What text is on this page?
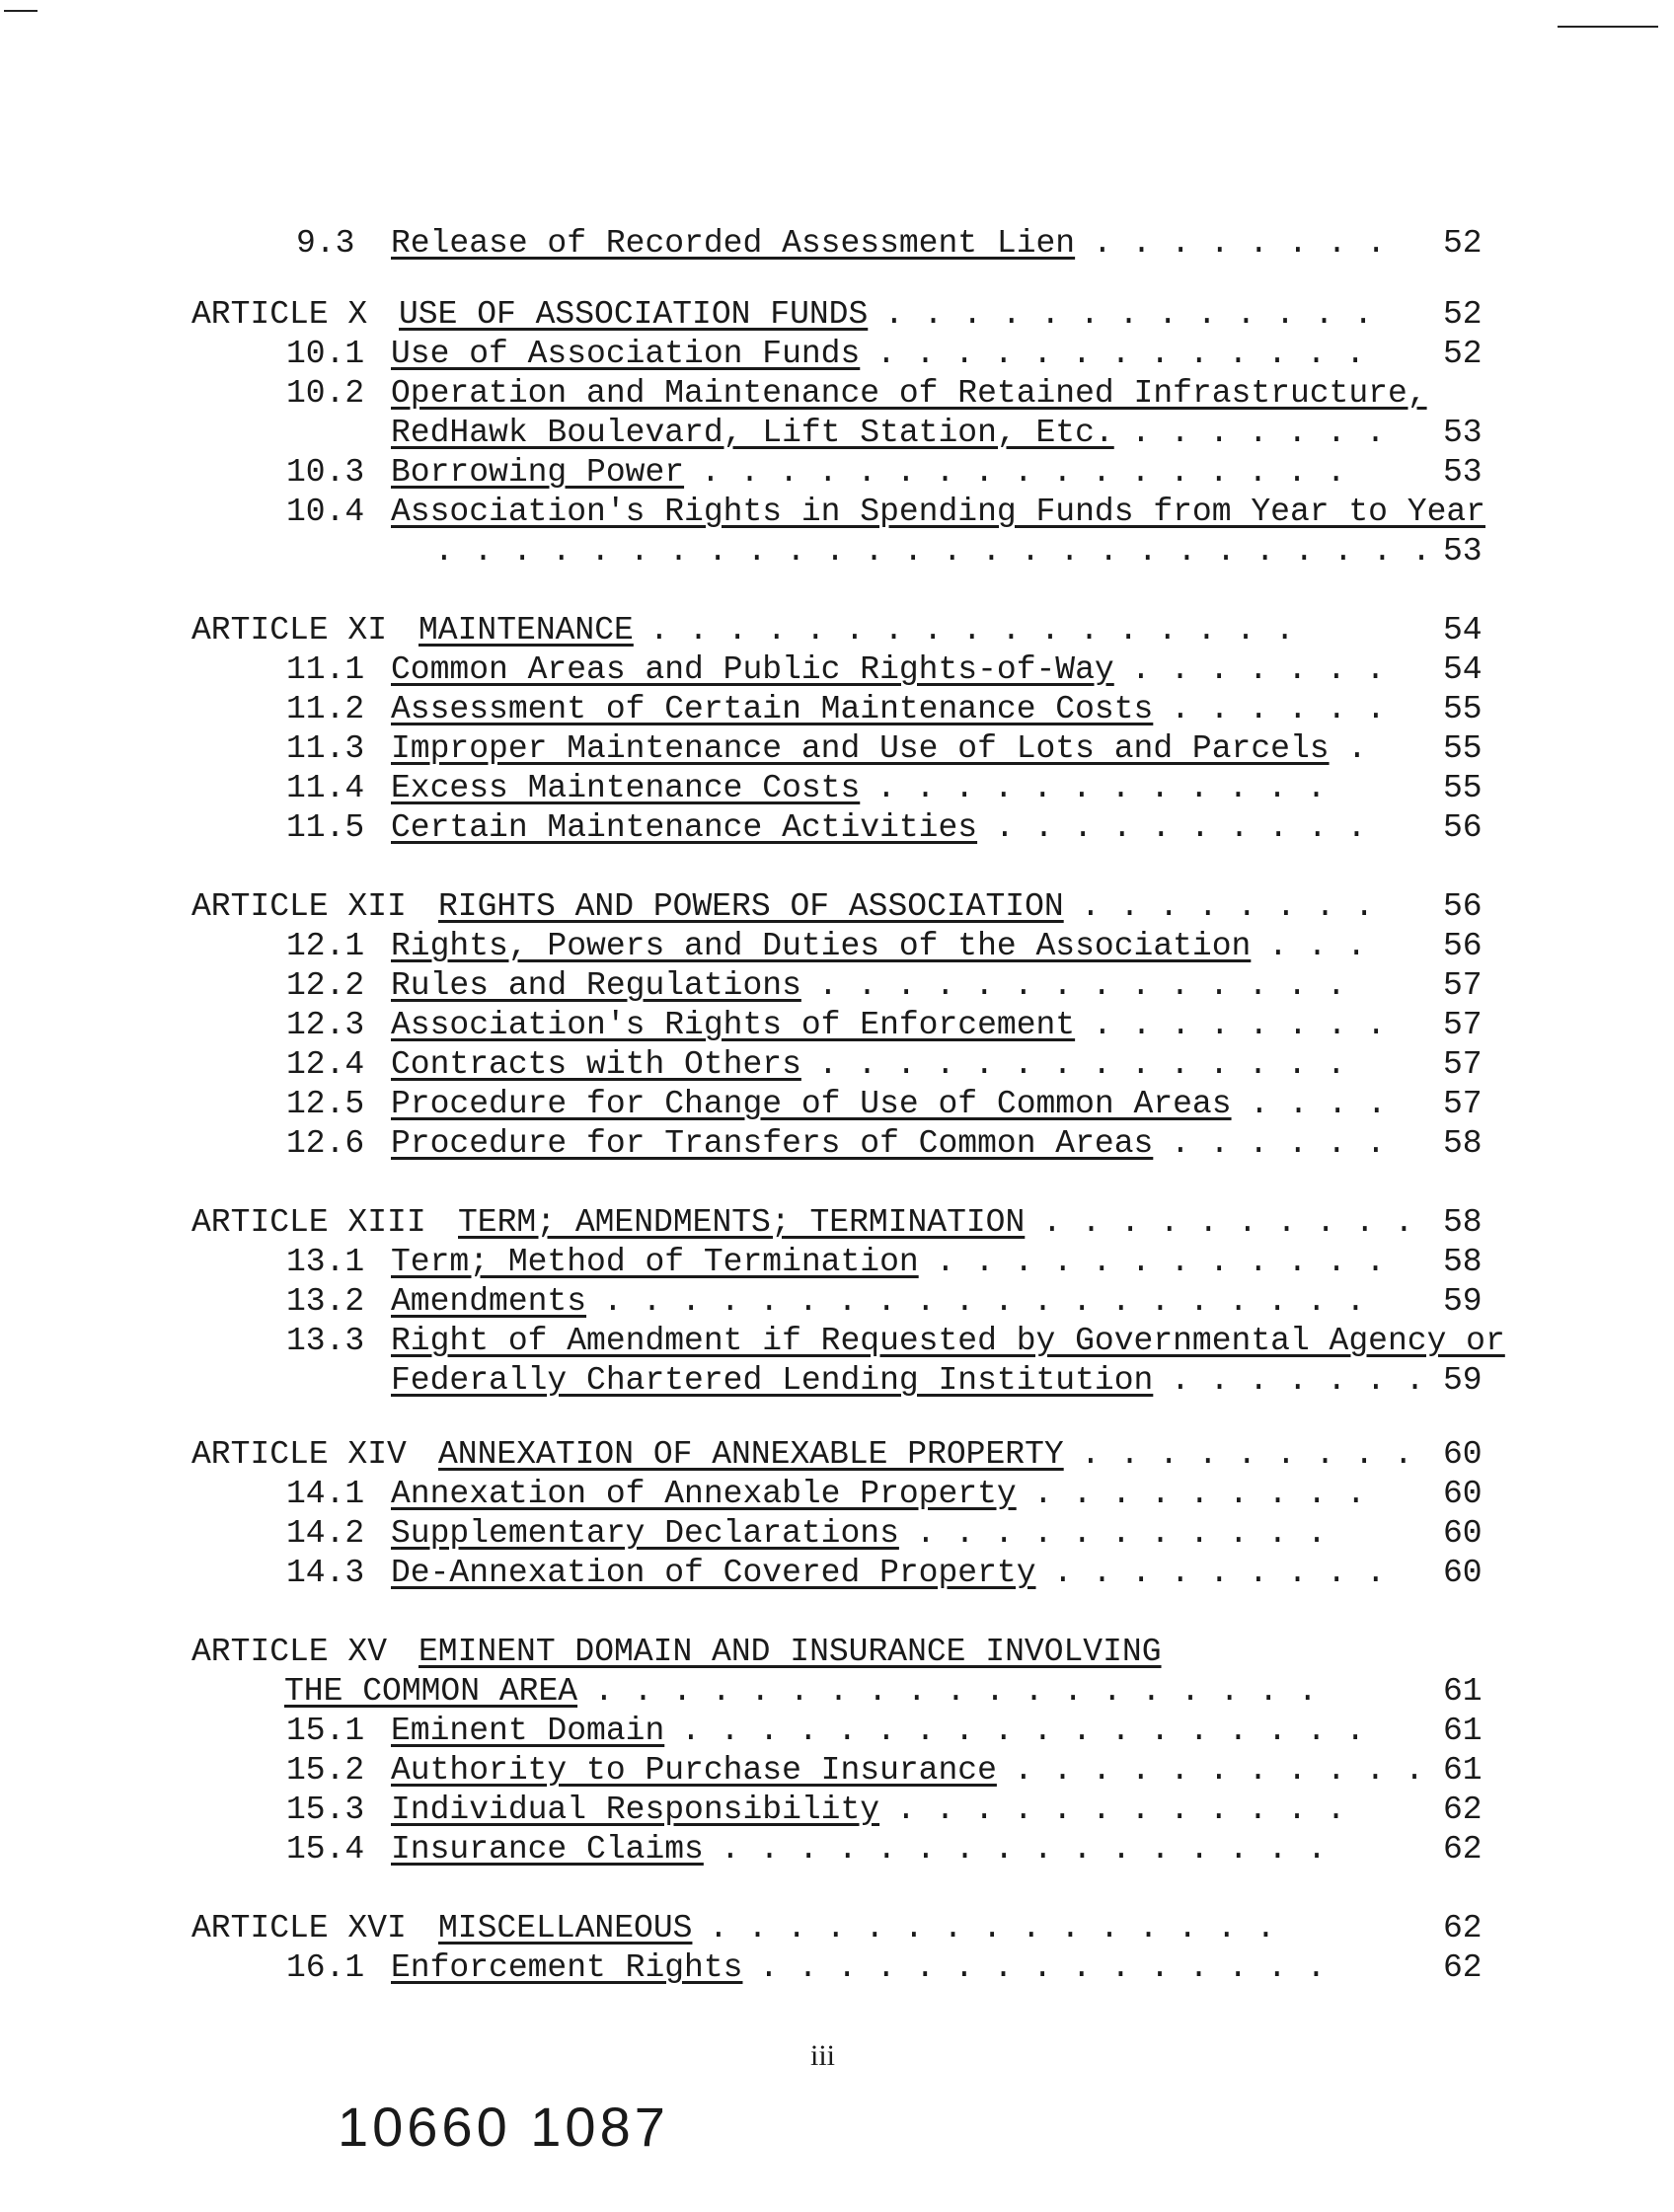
9.3 Release of Recorded Assessment Lien . . . . . . . . 52
ARTICLE X USE OF ASSOCIATION FUNDS . . . . . . . . . . . . .	52
10.1 Use of Association Funds . . . . . . . . . . . . .	52
10.2 Operation and Maintenance of Retained Infrastructure,
RedHawk Boulevard, Lift Station, Etc. . . . . . . . 53
10.3 Borrowing Power . . . . . . . . . . . . . . . . .	53
10.4 Association's Rights in Spending Funds from Year to Year
. . . . . . . . . . . . . . . . . . . . . . . . . . 53
ARTICLE XI MAINTENANCE . . . . . . . . . . . . . . . . .	54
11.1 Common Areas and Public Rights-of-Way . . . . . . . 54
11.2 Assessment of Certain Maintenance Costs . . . . . . 55
11.3 Improper Maintenance and Use of Lots and Parcels .	55
11.4 Excess Maintenance Costs . . . . . . . . . . . .	55
11.5 Certain Maintenance Activities . . . . . . . . . .	56
ARTICLE XII RIGHTS AND POWERS OF ASSOCIATION . . . . . . . .	56
12.1 Rights, Powers and Duties of the Association . . .	56
12.2 Rules and Regulations . . . . . . . . . . . . . .	57
12.3 Association's Rights of Enforcement . . . . . . . . 57
12.4 Contracts with Others . . . . . . . . . . . . . .	57
12.5 Procedure for Change of Use of Common Areas . . . . 57
12.6 Procedure for Transfers of Common Areas . . . . . . 58
ARTICLE XIII TERM; AMENDMENTS; TERMINATION . . . . . . . . . . 58
13.1 Term; Method of Termination . . . . . . . . . . . . 58
13.2 Amendments . . . . . . . . . . . . . . . . . . . .	59
13.3 Right of Amendment if Requested by Governmental Agency or
Federally Chartered Lending Institution . . . . . . . 59
ARTICLE XIV ANNEXATION OF ANNEXABLE PROPERTY . . . . . . . . . 60
14.1 Annexation of Annexable Property . . . . . . . . .	60
14.2 Supplementary Declarations . . . . . . . . . . .	60
14.3 De-Annexation of Covered Property . . . . . . . . . 60
ARTICLE XV EMINENT DOMAIN AND INSURANCE INVOLVING
THE COMMON AREA . . . . . . . . . . . . . . . . . . .	61
15.1 Eminent Domain . . . . . . . . . . . . . . . . . .	61
15.2 Authority to Purchase Insurance . . . . . . . . . . . 61
15.3 Individual Responsibility . . . . . . . . . . . .	62
15.4 Insurance Claims . . . . . . . . . . . . . . . .	62
ARTICLE XVI MISCELLANEOUS . . . . . . . . . . . . . . .	62
16.1 Enforcement Rights . . . . . . . . . . . . . . .	62
iii
10660 1087
